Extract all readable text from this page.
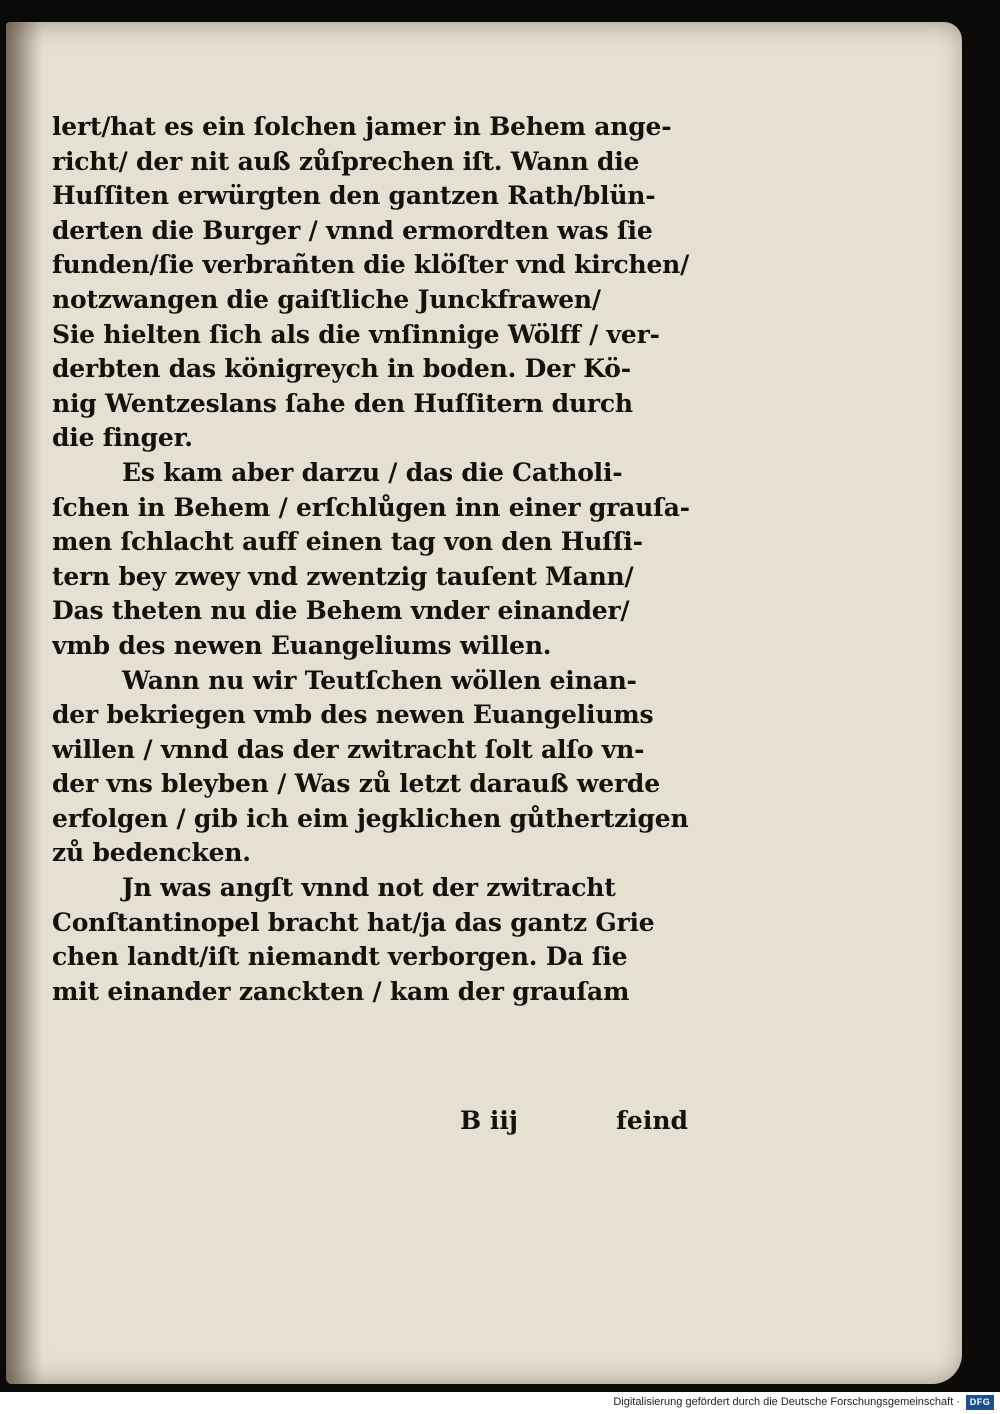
lert/hat es ein ſolchen jamer in Behem ange-
richt/ der nit auß zůſprechen iſt. Wann die
Huſſiten erwürgten den gantzen Rath/blün-
derten die Burger / vnnd ermordten was ſie
funden/ſie verbrañten die klöſter vnd kirchen/
notzwangen die gaiſtliche Junckfrawen/
Sie hielten ſich als die vnſinnige Wölff / ver-
derbten das königreych in boden. Der Kö-
nig Wentzeslans ſahe den Huſſitern durch
die finger.
Es kam aber darzu / das die Catholi-
ſchen in Behem / erſchlůgen inn einer grauſa-
men ſchlacht auff einen tag von den Huſſi-
tern bey zwey vnd zwentzig tauſent Mann/
Das theten nu die Behem vnder einander/
vmb des newen Euangeliums willen.
Wann nu wir Teutſchen wöllen einan-
der bekriegen vmb des newen Euangeliums
willen / vnnd das der zwitracht ſolt alſo vn-
der vns bleyben / Was zů letzt darauß werde
erfolgen / gib ich eim jegklichen gůthertzigen
zů bedencken.
Jn was angſt vnnd not der zwitracht
Conſtantinopel bracht hat/ja das gantz Grie
chen landt/iſt niemandt verborgen. Da ſie
mit einander zanckten / kam der grauſam
B iij	feind
Digitalisierung gefördert durch die Deutsche Forschungsgemeinschaft ·	DFG
